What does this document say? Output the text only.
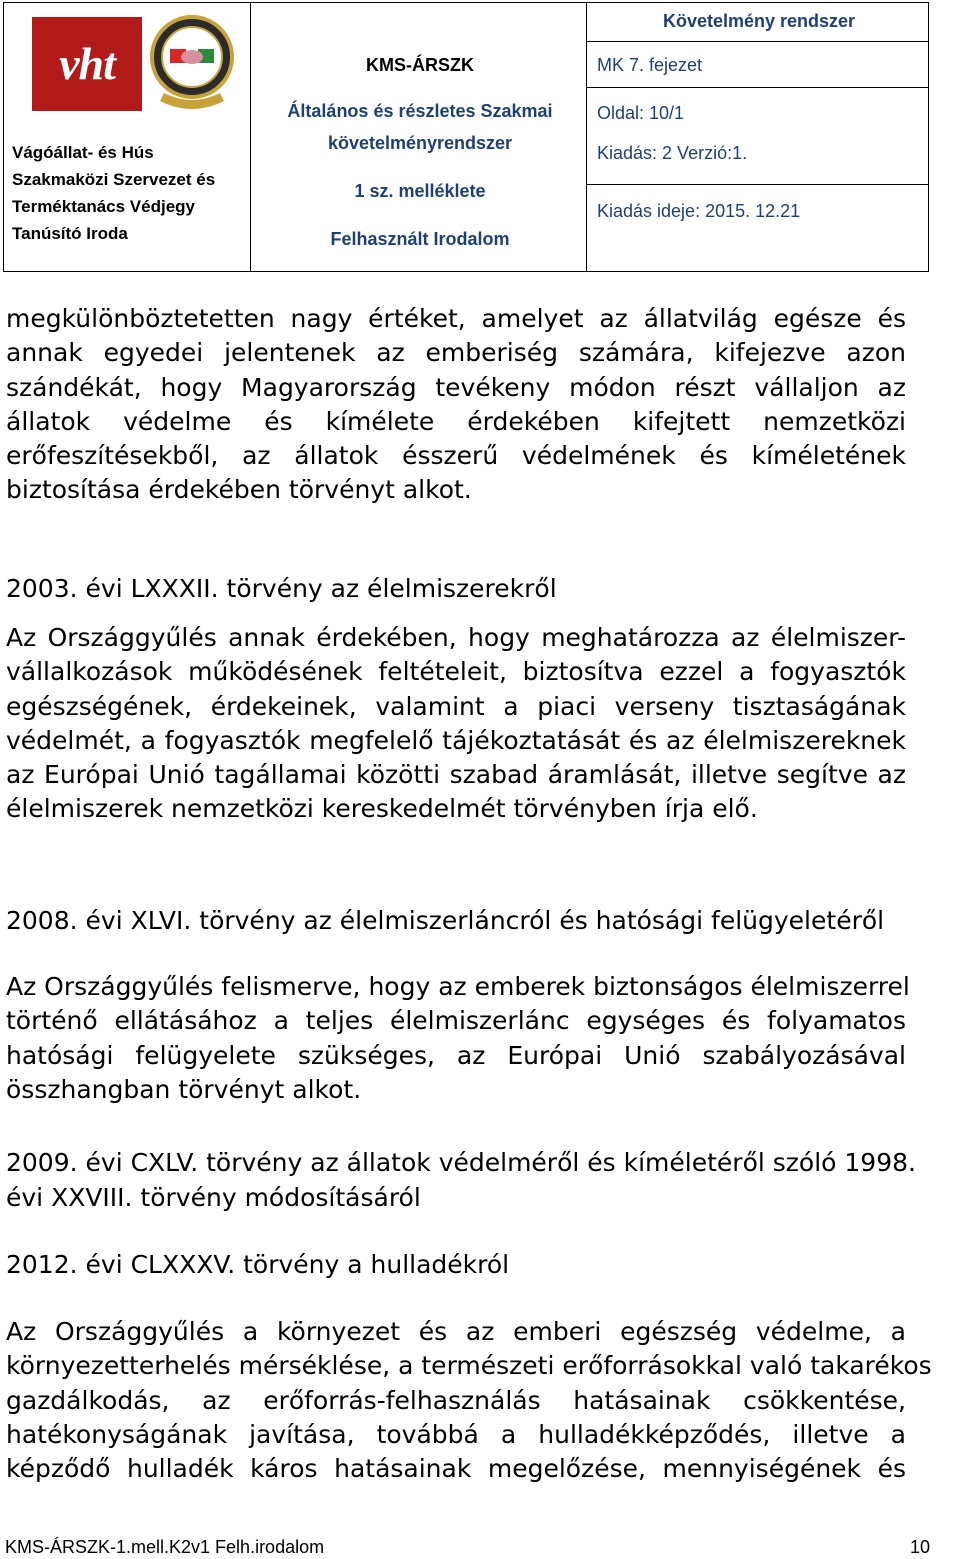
vht
Vágóállat- és Hús
Szakmaközi Szervezet és
Terméktanács Védjegy
Tanúsító Iroda
KMS-ÁRSZK
Általános és részletes Szakmai
követelményrendszer
1 sz. melléklete
Felhasznált Irodalom
Követelmény rendszer
MK 7. fejezet
Oldal: 10/1
Kiadás: 2 Verzió:1.
Kiadás ideje: 2015. 12.21
megkülönböztetetten nagy értéket, amelyet az állatvilág egésze és
annak egyedei jelentenek az emberiség számára, kifejezve azon
szándékát, hogy Magyarország tevékeny módon részt vállaljon az
állatok védelme és kímélete érdekében kifejtett nemzetközi
erőfeszítésekből, az állatok ésszerű védelmének és kíméletének
biztosítása érdekében törvényt alkot.
2003. évi LXXXII. törvény az élelmiszerekről
Az Országgyűlés annak érdekében, hogy meghatározza az élelmiszer-
vállalkozások működésének feltételeit, biztosítva ezzel a fogyasztók
egészségének, érdekeinek, valamint a piaci verseny tisztaságának
védelmét, a fogyasztók megfelelő tájékoztatását és az élelmiszereknek
az Európai Unió tagállamai közötti szabad áramlását, illetve segítve az
élelmiszerek nemzetközi kereskedelmét törvényben írja elő.
2008. évi XLVI. törvény az élelmiszerláncról és hatósági felügyeletéről
Az Országgyűlés felismerve, hogy az emberek biztonságos élelmiszerrel
történő ellátásához a teljes élelmiszerlánc egységes és folyamatos
hatósági felügyelete szükséges, az Európai Unió szabályozásával
összhangban törvényt alkot.
2009. évi CXLV. törvény az állatok védelméről és kíméletéről szóló 1998.
évi XXVIII. törvény módosításáról
2012. évi CLXXXV. törvény a hulladékról
Az Országgyűlés a környezet és az emberi egészség védelme, a
környezetterhelés mérséklése, a természeti erőforrásokkal való takarékos
gazdálkodás, az erőforrás-felhasználás hatásainak csökkentése,
hatékonyságának javítása, továbbá a hulladékképződés, illetve a
képződő hulladék káros hatásainak megelőzése, mennyiségének és
KMS-ÁRSZK-1.mell.K2v1 Felh.irodalom	10
